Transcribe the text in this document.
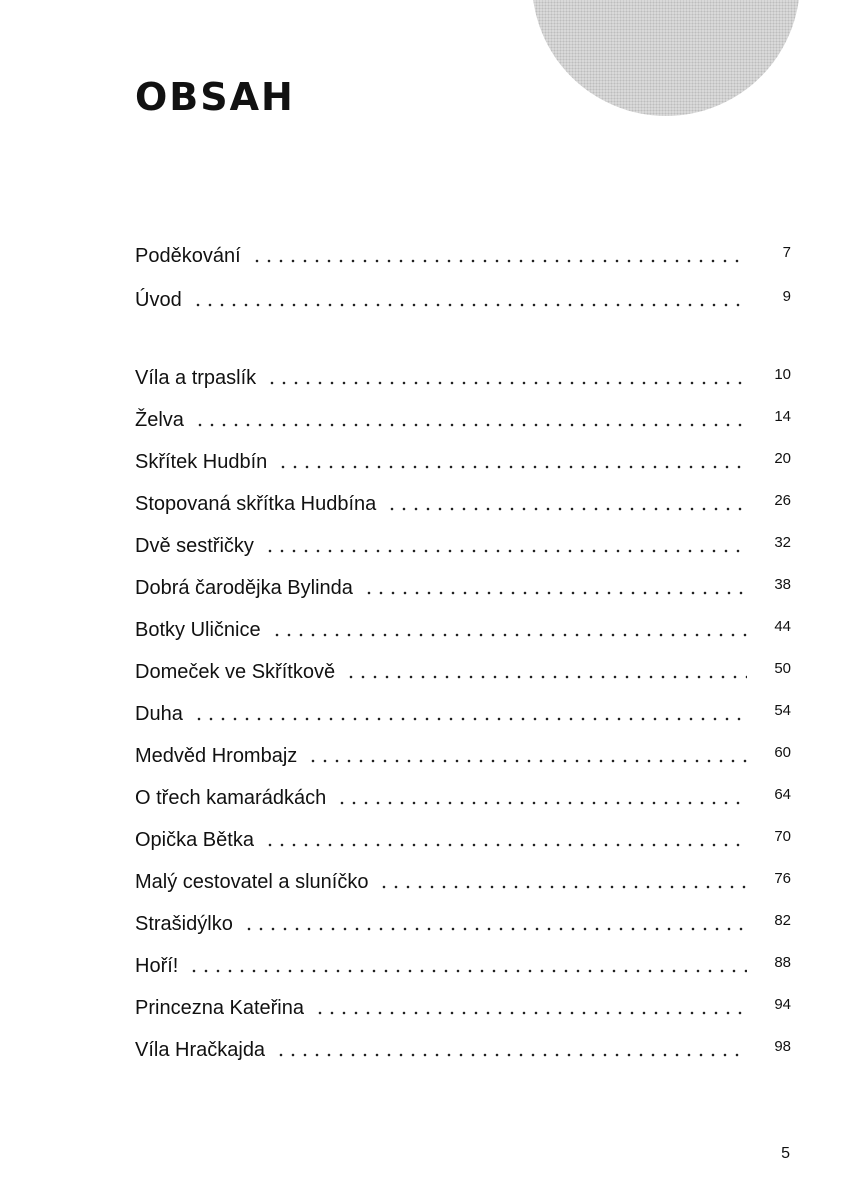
OBSAH
Poděkování	7
Úvod	9
Víla a trpaslík	10
Želva	14
Skřítek Hudbín	20
Stopovaná skřítka Hudbína	26
Dvě sestřičky	32
Dobrá čarodějka Bylinda	38
Botky Uličnice	44
Domeček ve Skřítkově	50
Duha	54
Medvěd Hrombajz	60
O třech kamarádkách	64
Opička Bětka	70
Malý cestovatel a sluníčko	76
Strašidýlko	82
Hoří!	88
Princezna Kateřina	94
Víla Hračkajda	98
5
